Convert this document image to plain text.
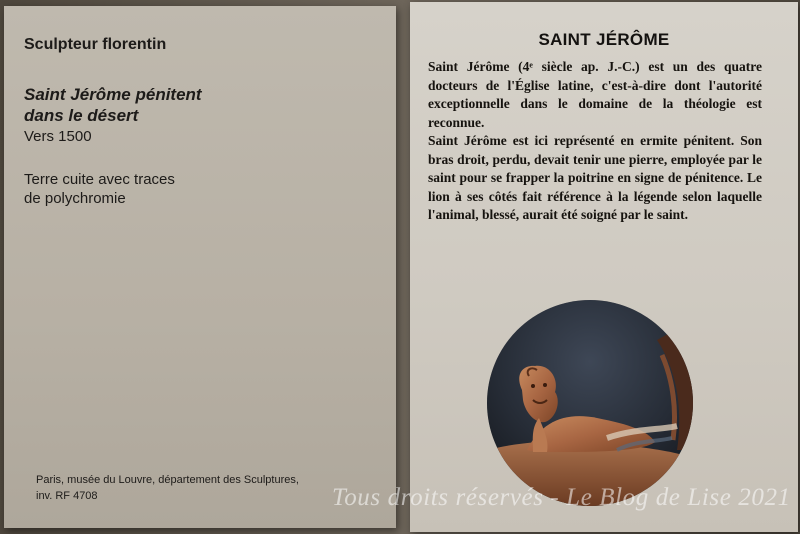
Sculpteur florentin
Saint Jérôme pénitent
dans le désert
Vers 1500
Terre cuite avec traces
de polychromie
Paris, musée du Louvre, département des Sculptures,
inv. RF 4708
SAINT JÉRÔME

Saint Jérôme (4ᵉ siècle ap. J.-C.) est un des quatre docteurs de l'Église latine, c'est-à-dire dont l'autorité exceptionnelle dans le domaine de la théologie est reconnue.

Saint Jérôme est ici représenté en ermite pénitent. Son bras droit, perdu, devait tenir une pierre, employée par le saint pour se frapper la poitrine en signe de pénitence. Le lion à ses côtés fait référence à la légende selon laquelle l'animal, blessé, aurait été soigné par le saint.

Tous droits réservés - Le Blog de Lise 2021
